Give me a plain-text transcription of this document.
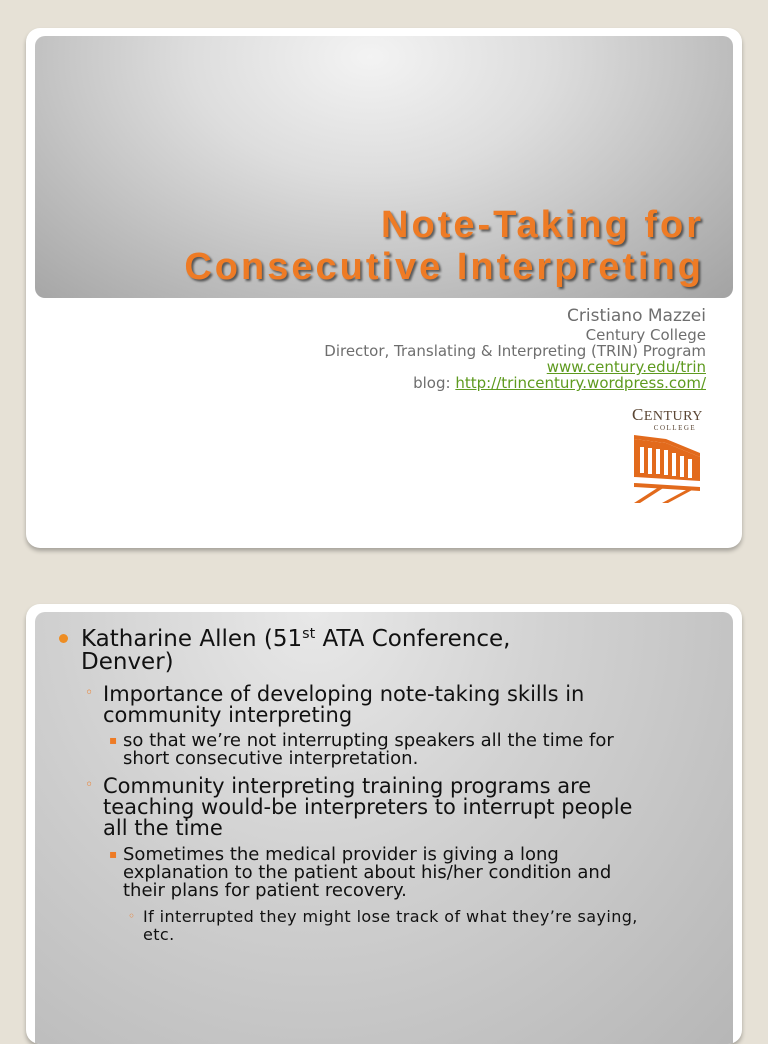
Note-Taking for
Consecutive Interpreting
Cristiano Mazzei
Century College
Director, Translating & Interpreting (TRIN) Program
www.century.edu/trin
blog: http://trincentury.wordpress.com/
CENTURY
COLLEGE
Katharine Allen (51st ATA Conference,
Denver)
◦ Importance of developing note-taking skills in
community interpreting
▪ so that we’re not interrupting speakers all the time for
short consecutive interpretation.
◦ Community interpreting training programs are
teaching would-be interpreters to interrupt people
all the time
▪ Sometimes the medical provider is giving a long
explanation to the patient about his/her condition and
their plans for patient recovery.
◦ If interrupted they might lose track of what they’re saying,
etc.
